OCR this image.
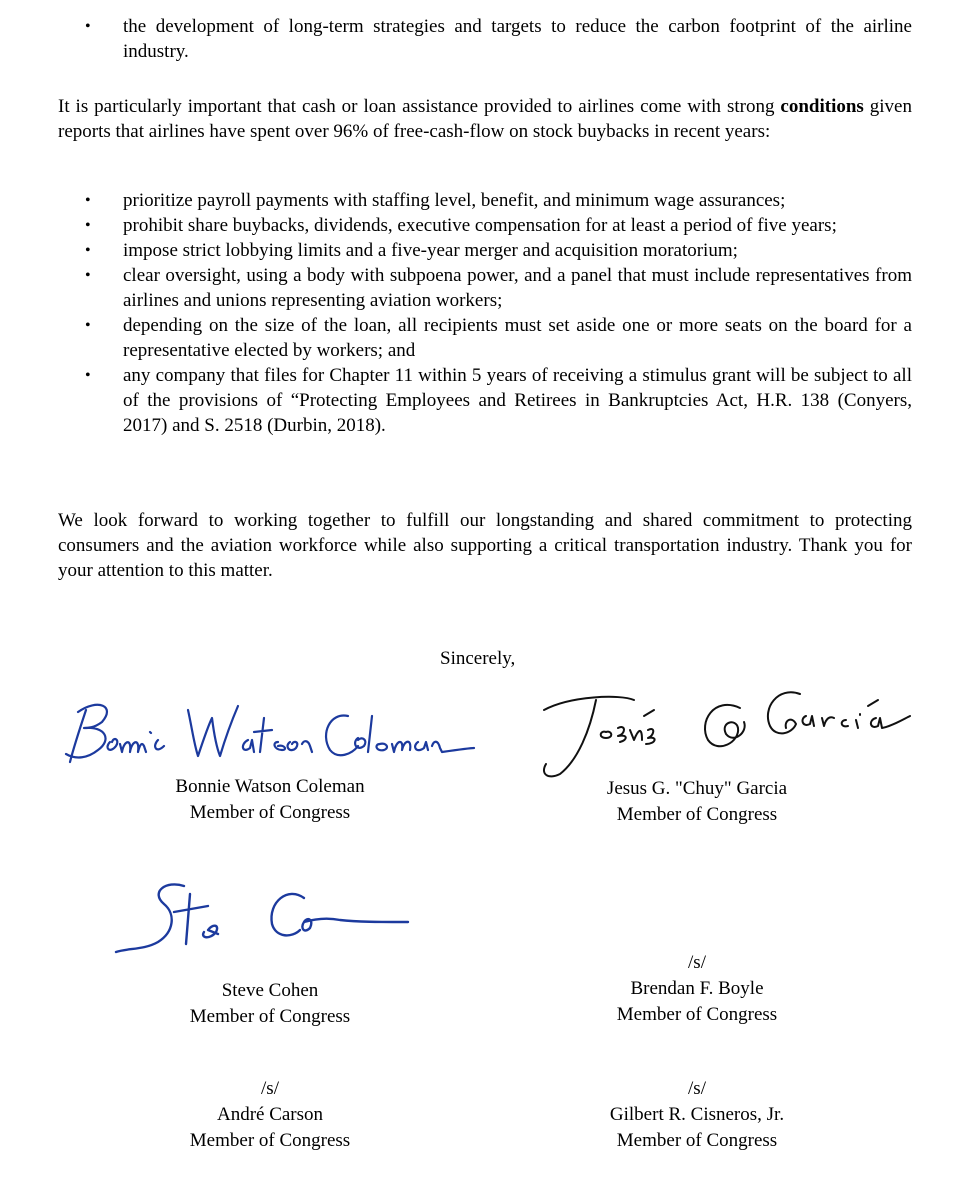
• the development of long-term strategies and targets to reduce the carbon footprint of the airline industry.

It is particularly important that cash or loan assistance provided to airlines come with strong conditions given reports that airlines have spent over 96% of free-cash-flow on stock buybacks in recent years:

• prioritize payroll payments with staffing level, benefit, and minimum wage assurances;
• prohibit share buybacks, dividends, executive compensation for at least a period of five years;
• impose strict lobbying limits and a five-year merger and acquisition moratorium;
• clear oversight, using a body with subpoena power, and a panel that must include representatives from airlines and unions representing aviation workers;
• depending on the size of the loan, all recipients must set aside one or more seats on the board for a representative elected by workers; and
• any company that files for Chapter 11 within 5 years of receiving a stimulus grant will be subject to all of the provisions of “Protecting Employees and Retirees in Bankruptcies Act, H.R. 138 (Conyers, 2017) and S. 2518 (Durbin, 2018).

We look forward to working together to fulfill our longstanding and shared commitment to protecting consumers and the aviation workforce while also supporting a critical transportation industry. Thank you for your attention to this matter.

Sincerely,

Bonnie Watson Coleman
Member of Congress
Jesus G. "Chuy" Garcia
Member of Congress
Steve Cohen
Member of Congress
/s/
Brendan F. Boyle
Member of Congress
/s/
André Carson
Member of Congress
/s/
Gilbert R. Cisneros, Jr.
Member of Congress
